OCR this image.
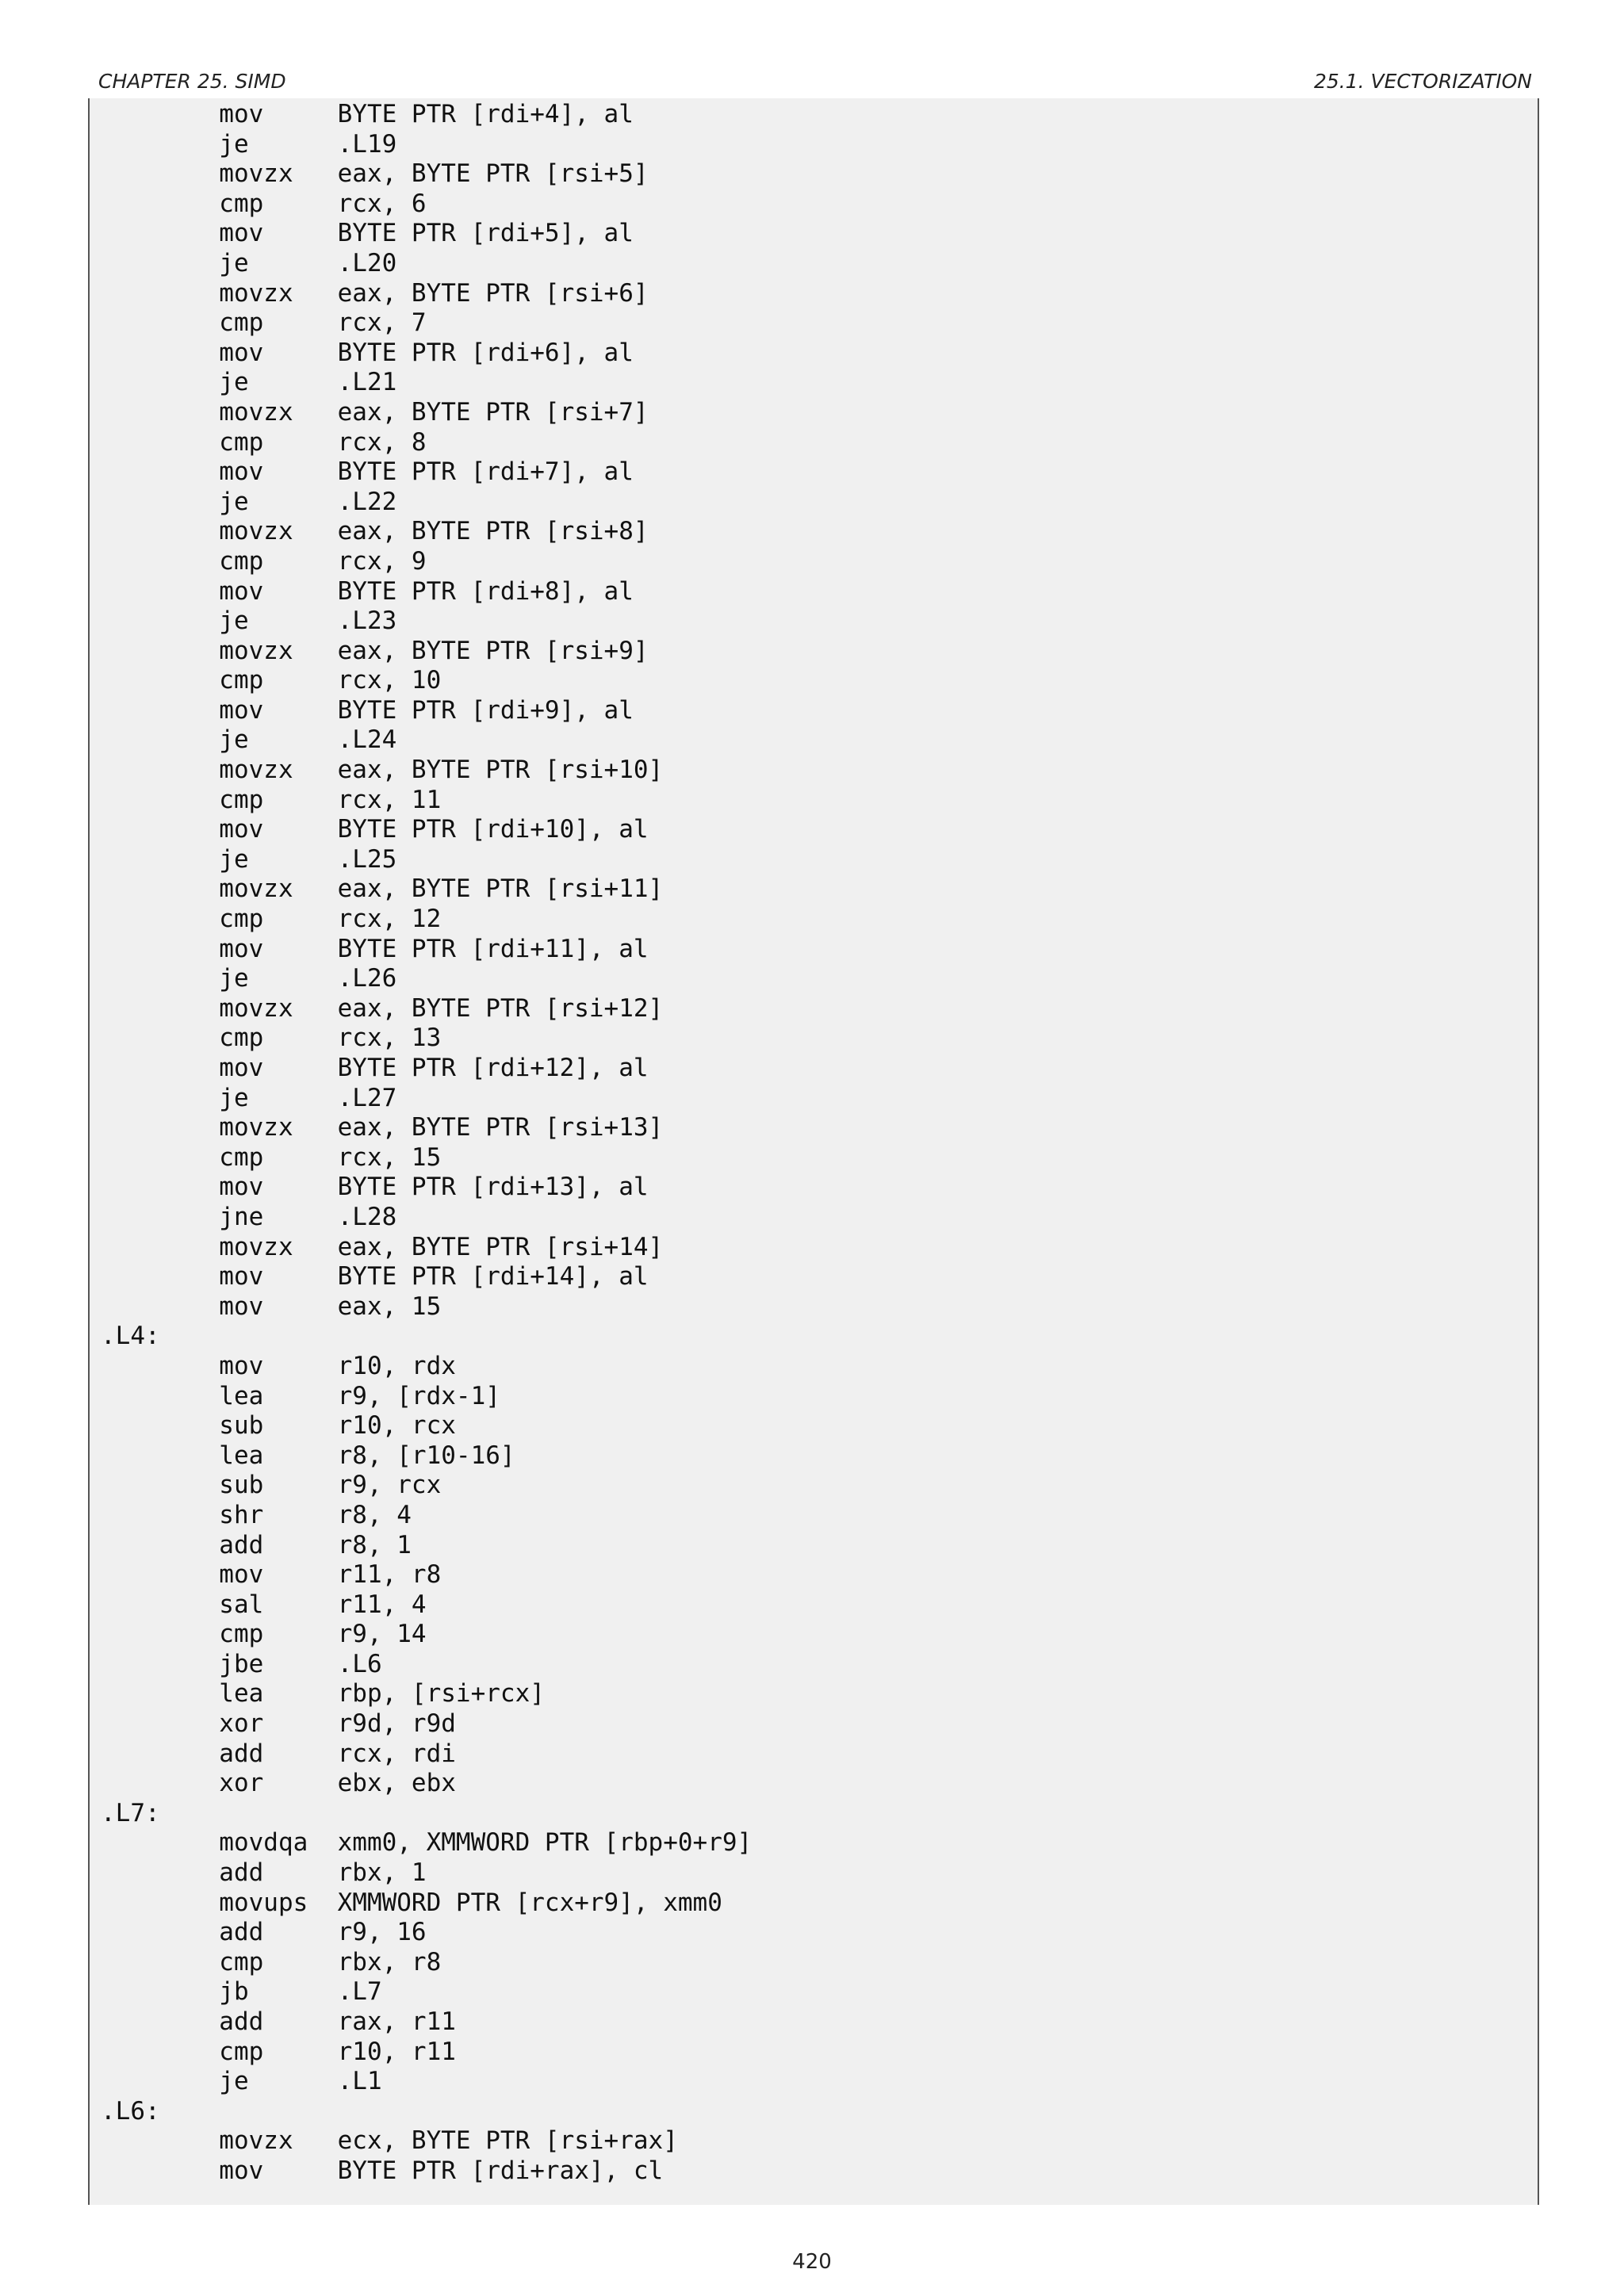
CHAPTER 25. SIMD	25.1. VECTORIZATION
mov     BYTE PTR [rdi+4], al
je      .L19
movzx   eax, BYTE PTR [rsi+5]
cmp     rcx, 6
mov     BYTE PTR [rdi+5], al
je      .L20
movzx   eax, BYTE PTR [rsi+6]
cmp     rcx, 7
mov     BYTE PTR [rdi+6], al
je      .L21
movzx   eax, BYTE PTR [rsi+7]
cmp     rcx, 8
mov     BYTE PTR [rdi+7], al
je      .L22
movzx   eax, BYTE PTR [rsi+8]
cmp     rcx, 9
mov     BYTE PTR [rdi+8], al
je      .L23
movzx   eax, BYTE PTR [rsi+9]
cmp     rcx, 10
mov     BYTE PTR [rdi+9], al
je      .L24
movzx   eax, BYTE PTR [rsi+10]
cmp     rcx, 11
mov     BYTE PTR [rdi+10], al
je      .L25
movzx   eax, BYTE PTR [rsi+11]
cmp     rcx, 12
mov     BYTE PTR [rdi+11], al
je      .L26
movzx   eax, BYTE PTR [rsi+12]
cmp     rcx, 13
mov     BYTE PTR [rdi+12], al
je      .L27
movzx   eax, BYTE PTR [rsi+13]
cmp     rcx, 15
mov     BYTE PTR [rdi+13], al
jne     .L28
movzx   eax, BYTE PTR [rsi+14]
mov     BYTE PTR [rdi+14], al
mov     eax, 15
.L4:
mov     r10, rdx
lea     r9, [rdx-1]
sub     r10, rcx
lea     r8, [r10-16]
sub     r9, rcx
shr     r8, 4
add     r8, 1
mov     r11, r8
sal     r11, 4
cmp     r9, 14
jbe     .L6
lea     rbp, [rsi+rcx]
xor     r9d, r9d
add     rcx, rdi
xor     ebx, ebx
.L7:
movdqa  xmm0, XMMWORD PTR [rbp+0+r9]
add     rbx, 1
movups  XMMWORD PTR [rcx+r9], xmm0
add     r9, 16
cmp     rbx, r8
jb      .L7
add     rax, r11
cmp     r10, r11
je      .L1
.L6:
movzx   ecx, BYTE PTR [rsi+rax]
mov     BYTE PTR [rdi+rax], cl
420
